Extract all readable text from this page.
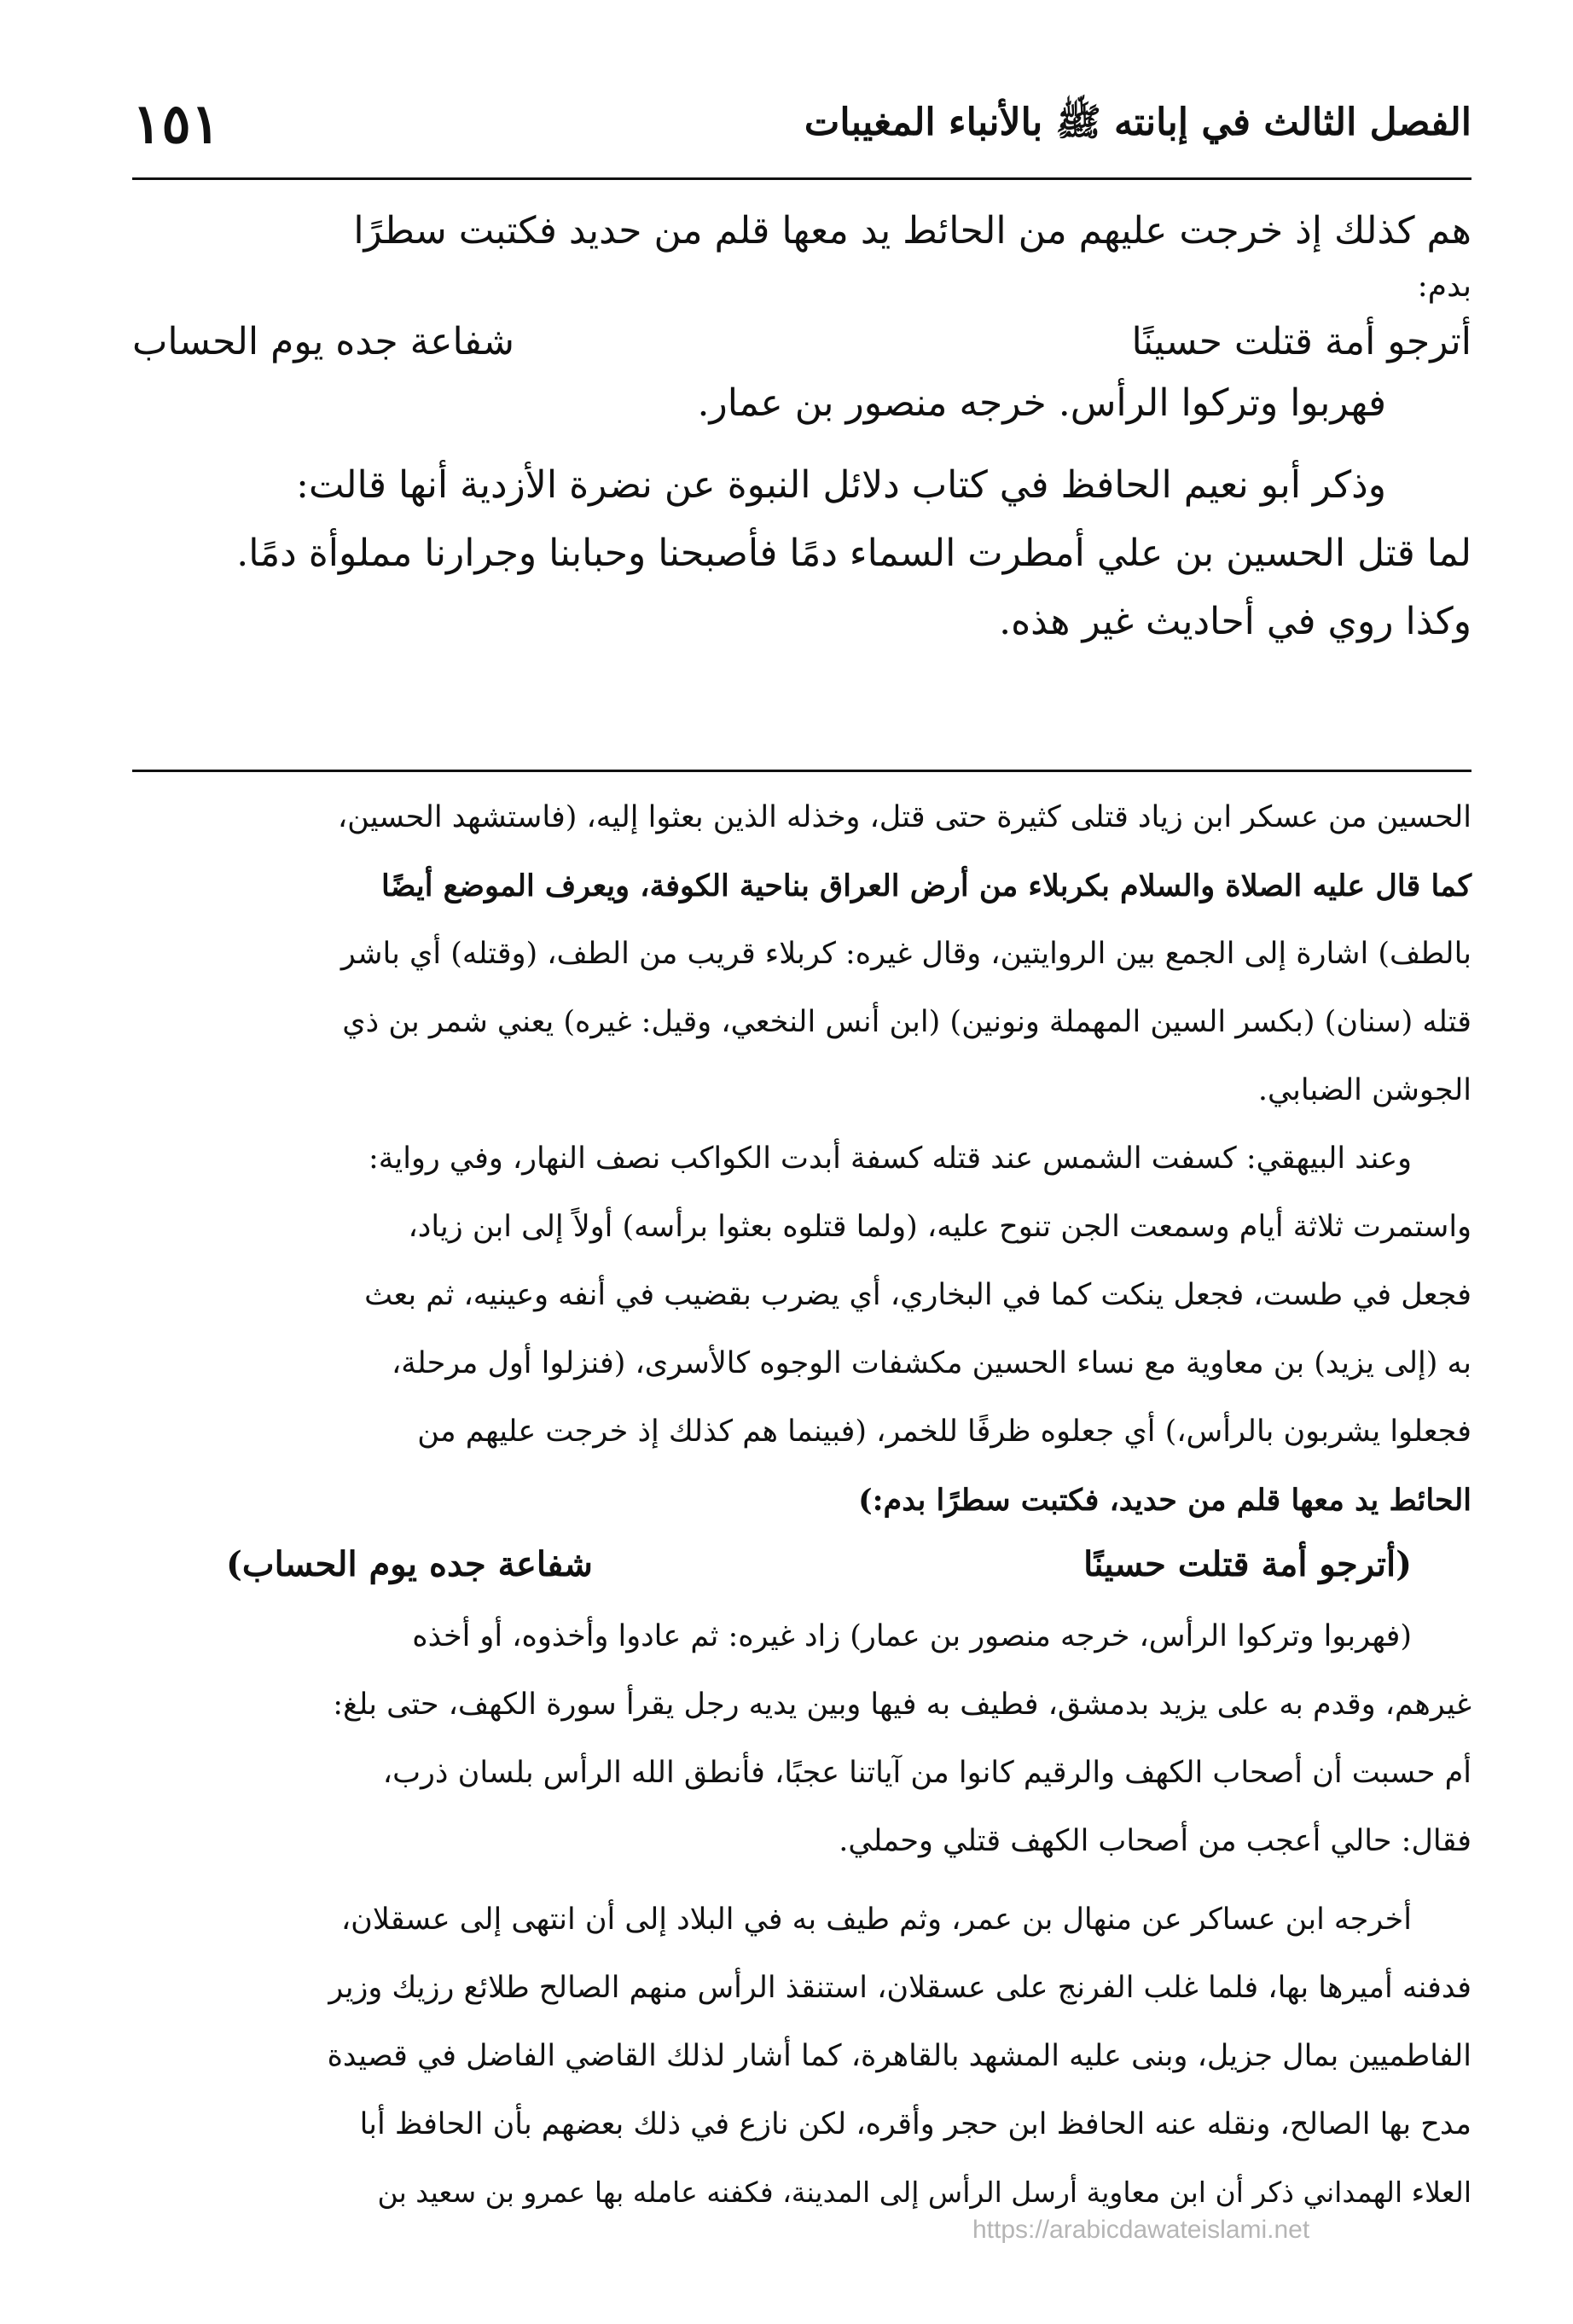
الفصل الثالث في إبانته ﷺ بالأنباء المغيبات
١٥١
هم كذلك إذ خرجت عليهم من الحائط يد معها قلم من حديد فكتبت سطرًا
بدم:
أترجو أمة قتلت حسينًا
شفاعة جده يوم الحساب
فهربوا وتركوا الرأس. خرجه منصور بن عمار.
وذكر أبو نعيم الحافظ في كتاب دلائل النبوة عن نضرة الأزدية أنها قالت:
لما قتل الحسين بن علي أمطرت السماء دمًا فأصبحنا وحبابنا وجرارنا مملوأة دمًا.
وكذا روي في أحاديث غير هذه.
الحسين من عسكر ابن زياد قتلى كثيرة حتى قتل، وخذله الذين بعثوا إليه، (فاستشهد الحسين،
كما قال عليه الصلاة والسلام بكربلاء من أرض العراق بناحية الكوفة، ويعرف الموضع أيضًا
بالطف) اشارة إلى الجمع بين الروايتين، وقال غيره: كربلاء قريب من الطف، (وقتله) أي باشر
قتله (سنان) (بكسر السين المهملة ونونين) (ابن أنس النخعي، وقيل: غيره) يعني شمر بن ذي
الجوشن الضبابي.
وعند البيهقي: كسفت الشمس عند قتله كسفة أبدت الكواكب نصف النهار، وفي رواية:
واستمرت ثلاثة أيام وسمعت الجن تنوح عليه، (ولما قتلوه بعثوا برأسه) أولاً إلى ابن زياد،
فجعل في طست، فجعل ينكت كما في البخاري، أي يضرب بقضيب في أنفه وعينيه، ثم بعث
به (إلى يزيد) بن معاوية مع نساء الحسين مكشفات الوجوه كالأسرى، (فنزلوا أول مرحلة،
فجعلوا يشربون بالرأس،) أي جعلوه ظرفًا للخمر، (فبينما هم كذلك إذ خرجت عليهم من
الحائط يد معها قلم من حديد، فكتبت سطرًا بدم:)
(أترجو أمة قتلت حسينًا
شفاعة جده يوم الحساب)
(فهربوا وتركوا الرأس، خرجه منصور بن عمار) زاد غيره: ثم عادوا وأخذوه، أو أخذه
غيرهم، وقدم به على يزيد بدمشق، فطيف به فيها وبين يديه رجل يقرأ سورة الكهف، حتى بلغ:
أم حسبت أن أصحاب الكهف والرقيم كانوا من آياتنا عجبًا، فأنطق الله الرأس بلسان ذرب،
فقال: حالي أعجب من أصحاب الكهف قتلي وحملي.
أخرجه ابن عساكر عن منهال بن عمر، وثم طيف به في البلاد إلى أن انتهى إلى عسقلان،
فدفنه أميرها بها، فلما غلب الفرنج على عسقلان، استنقذ الرأس منهم الصالح طلائع رزيك وزير
الفاطميين بمال جزيل، وبنى عليه المشهد بالقاهرة، كما أشار لذلك القاضي الفاضل في قصيدة
مدح بها الصالح، ونقله عنه الحافظ ابن حجر وأقره، لكن نازع في ذلك بعضهم بأن الحافظ أبا
العلاء الهمداني ذكر أن ابن معاوية أرسل الرأس إلى المدينة، فكفنه عامله بها عمرو بن سعيد بن
https://arabicdawateislami.net
